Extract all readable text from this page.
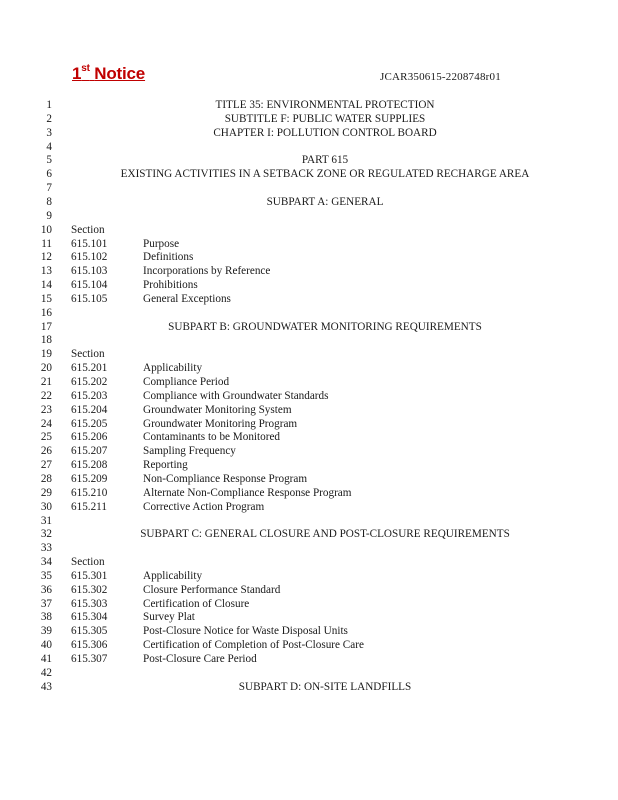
1st Notice	JCAR350615-2208748r01
1	TITLE 35: ENVIRONMENTAL PROTECTION
2	SUBTITLE F: PUBLIC WATER SUPPLIES
3	CHAPTER I: POLLUTION CONTROL BOARD
4
5	PART 615
6	EXISTING ACTIVITIES IN A SETBACK ZONE OR REGULATED RECHARGE AREA
7
8	SUBPART A: GENERAL
9
10 Section
11 615.101	Purpose
12 615.102	Definitions
13 615.103	Incorporations by Reference
14 615.104	Prohibitions
15 615.105	General Exceptions
16
17	SUBPART B: GROUNDWATER MONITORING REQUIREMENTS
18
19 Section
20 615.201	Applicability
21 615.202	Compliance Period
22 615.203	Compliance with Groundwater Standards
23 615.204	Groundwater Monitoring System
24 615.205	Groundwater Monitoring Program
25 615.206	Contaminants to be Monitored
26 615.207	Sampling Frequency
27 615.208	Reporting
28 615.209	Non-Compliance Response Program
29 615.210	Alternate Non-Compliance Response Program
30 615.211	Corrective Action Program
31
32	SUBPART C: GENERAL CLOSURE AND POST-CLOSURE REQUIREMENTS
33
34 Section
35 615.301	Applicability
36 615.302	Closure Performance Standard
37 615.303	Certification of Closure
38 615.304	Survey Plat
39 615.305	Post-Closure Notice for Waste Disposal Units
40 615.306	Certification of Completion of Post-Closure Care
41 615.307	Post-Closure Care Period
42
43	SUBPART D: ON-SITE LANDFILLS
